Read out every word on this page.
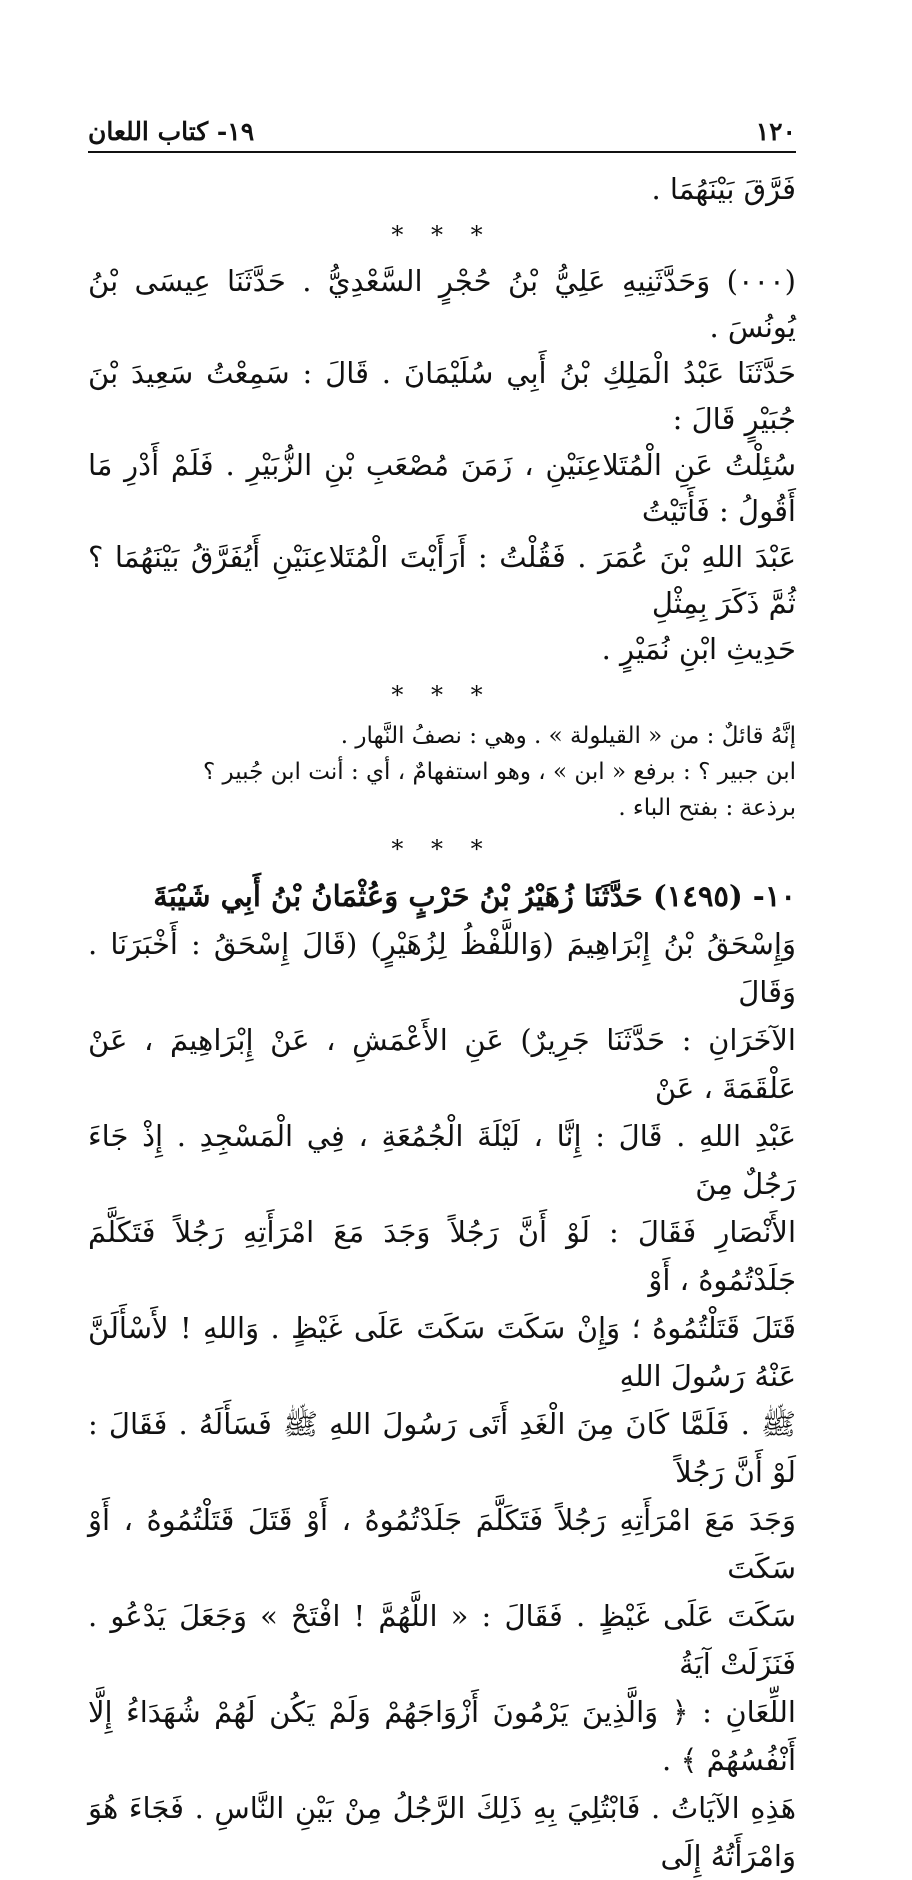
١٢٠
١٩- كتاب اللعان

فَرَّقَ بَيْنَهُمَا .

* * *

(٠٠٠) وَحَدَّثَنِيهِ عَلِيُّ بْنُ حُجْرٍ السَّعْدِيُّ . حَدَّثَنَا عِيسَى بْنُ يُونُسَ .

حَدَّثَنَا عَبْدُ الْمَلِكِ بْنُ أَبِي سُلَيْمَانَ . قَالَ : سَمِعْتُ سَعِيدَ بْنَ جُبَيْرٍ قَالَ :

سُئِلْتُ عَنِ الْمُتَلاعِنَيْنِ ، زَمَنَ مُصْعَبِ بْنِ الزُّبَيْرِ . فَلَمْ أَدْرِ مَا أَقُولُ : فَأَتَيْتُ

عَبْدَ اللهِ بْنَ عُمَرَ . فَقُلْتُ : أَرَأَيْتَ الْمُتَلاعِنَيْنِ أَيُفَرَّقُ بَيْنَهُمَا ؟ ثُمَّ ذَكَرَ بِمِثْلِ

حَدِيثِ ابْنِ نُمَيْرٍ .

* * *

إنَّهُ قائلٌ : من « القيلولة » . وهي : نصفُ النَّهار .

ابن جبير ؟ : برفع « ابن » ، وهو استفهامٌ ، أي : أنت ابن جُبير ؟

برذعة : بفتح الباء .

* * *

١٠- (١٤٩٥) حَدَّثَنَا زُهَيْرُ بْنُ حَرْبٍ وَعُثْمَانُ بْنُ أَبِي شَيْبَةَ

وَإِسْحَقُ بْنُ إِبْرَاهِيمَ (وَاللَّفْظُ لِزُهَيْرٍ) (قَالَ إِسْحَقُ : أَخْبَرَنَا . وَقَالَ

الآخَرَانِ : حَدَّثَنَا جَرِيرٌ) عَنِ الأَعْمَشِ ، عَنْ إِبْرَاهِيمَ ، عَنْ عَلْقَمَةَ ، عَنْ

عَبْدِ اللهِ . قَالَ : إِنَّا ، لَيْلَةَ الْجُمُعَةِ ، فِي الْمَسْجِدِ . إِذْ جَاءَ رَجُلٌ مِنَ

الأَنْصَارِ فَقَالَ : لَوْ أَنَّ رَجُلاً وَجَدَ مَعَ امْرَأَتِهِ رَجُلاً فَتَكَلَّمَ جَلَدْتُمُوهُ ، أَوْ

قَتَلَ قَتَلْتُمُوهُ ؛ وَإِنْ سَكَتَ سَكَتَ عَلَى غَيْظٍ . وَاللهِ ! لأَسْأَلَنَّ عَنْهُ رَسُولَ اللهِ

ﷺ . فَلَمَّا كَانَ مِنَ الْغَدِ أَتَى رَسُولَ اللهِ ﷺ فَسَأَلَهُ . فَقَالَ : لَوْ أَنَّ رَجُلاً

وَجَدَ مَعَ امْرَأَتِهِ رَجُلاً فَتَكَلَّمَ جَلَدْتُمُوهُ ، أَوْ قَتَلَ قَتَلْتُمُوهُ ، أَوْ سَكَتَ

سَكَتَ عَلَى غَيْظٍ . فَقَالَ : « اللَّهُمَّ ! افْتَحْ » وَجَعَلَ يَدْعُو . فَنَزَلَتْ آيَةُ

اللِّعَانِ : ﴿ وَالَّذِينَ يَرْمُونَ أَزْوَاجَهُمْ وَلَمْ يَكُن لَهُمْ شُهَدَاءُ إِلَّا أَنْفُسُهُمْ ﴾ .

هَذِهِ الآيَاتُ . فَابْتُلِيَ بِهِ ذَلِكَ الرَّجُلُ مِنْ بَيْنِ النَّاسِ . فَجَاءَ هُوَ وَامْرَأَتُهُ إِلَى
